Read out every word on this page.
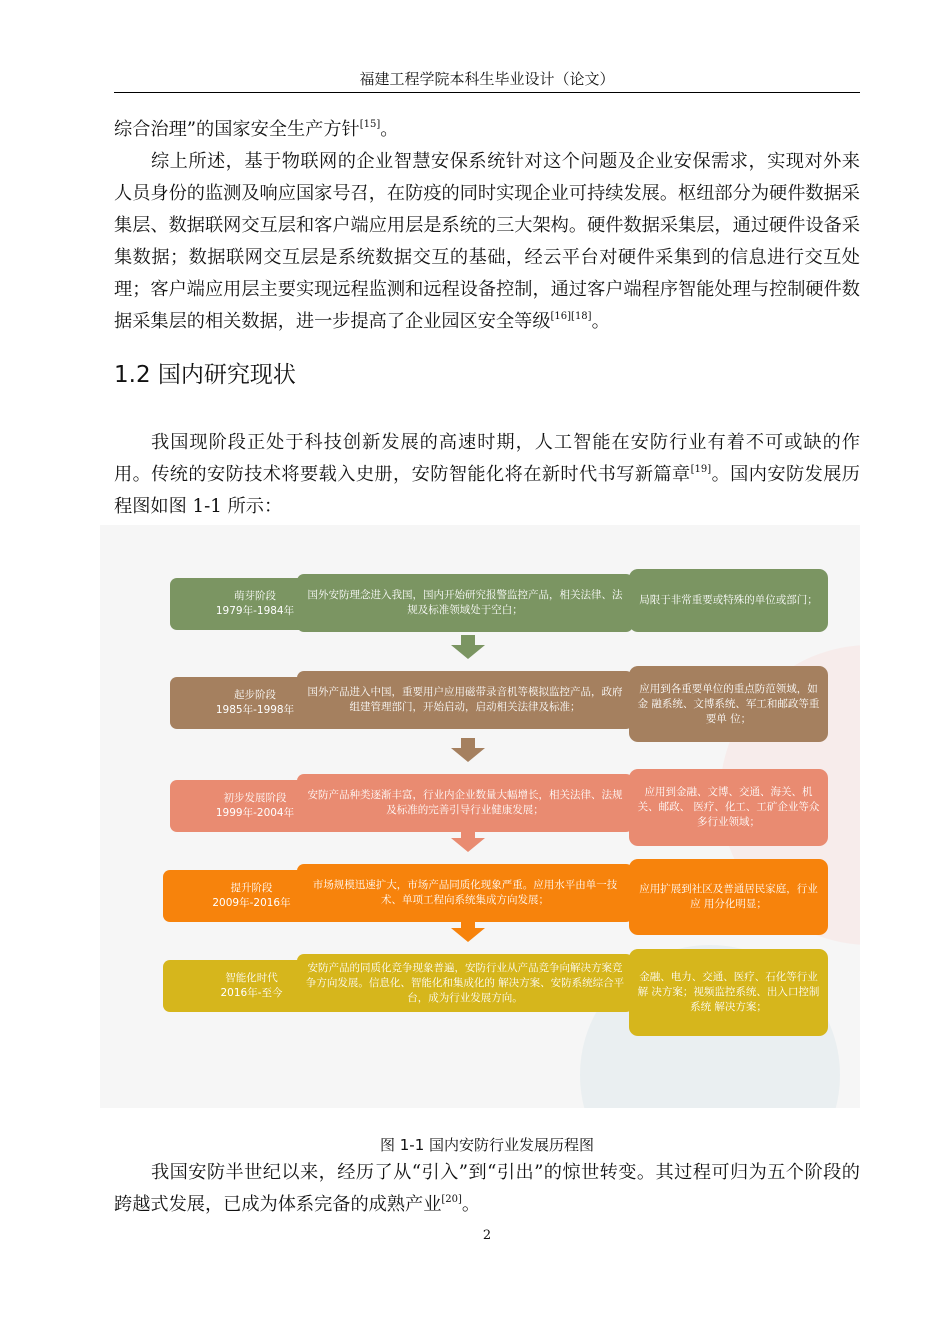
福建工程学院本科生毕业设计（论文）
综合治理”的国家安全生产方针[15]。
综上所述，基于物联网的企业智慧安保系统针对这个问题及企业安保需求，实现对外来人员身份的监测及响应国家号召，在防疫的同时实现企业可持续发展。枢纽部分为硬件数据采集层、数据联网交互层和客户端应用层是系统的三大架构。硬件数据采集层，通过硬件设备采集数据；数据联网交互层是系统数据交互的基础，经云平台对硬件采集到的信息进行交互处理；客户端应用层主要实现远程监测和远程设备控制，通过客户端程序智能处理与控制硬件数据采集层的相关数据，进一步提高了企业园区安全等级[16][18]。
1.2 国内研究现状
我国现阶段正处于科技创新发展的高速时期，人工智能在安防行业有着不可或缺的作用。传统的安防技术将要载入史册，安防智能化将在新时代书写新篇章[19]。国内安防发展历程图如图 1-1 所示：
萌芽阶段
1979年-1984年
国外安防理念进入我国，国内开始研究报警监控产品，相关法律、法规及标准领域处于空白；
局限于非常重要或特殊的单位或部门；
起步阶段
1985年-1998年
国外产品进入中国，重要用户应用磁带录音机等模拟监控产品，政府组建管理部门，开始启动，启动相关法律及标准；
应用到各重要单位的重点防范领域，如金 融系统、文博系统、军工和邮政等重要单 位；
初步发展阶段
1999年-2004年
安防产品种类逐渐丰富，行业内企业数量大幅增长，相关法律、法规及标准的完善引导行业健康发展；
应用到金融、文博、交通、海关、机关、邮政、 医疗、化工、工矿企业等众多行业领域；
提升阶段
2009年-2016年
市场规模迅速扩大，市场产品同质化现象严重。应用水平由单一技术、单项工程向系统集成方向发展；
应用扩展到社区及普通居民家庭，行业应 用分化明显；
智能化时代
2016年-至今
安防产品的同质化竞争现象普遍，安防行业从产品竞争向解决方案竞争方向发展。信息化、智能化和集成化的 解决方案、安防系统综合平台，成为行业发展方向。
金融、电力、交通、医疗、石化等行业解 决方案；视频监控系统、出入口控制系统 解决方案；
图 1-1 国内安防行业发展历程图
我国安防半世纪以来，经历了从“引入”到“引出”的惊世转变。其过程可归为五个阶段的跨越式发展，已成为体系完备的成熟产业[20]。
2
